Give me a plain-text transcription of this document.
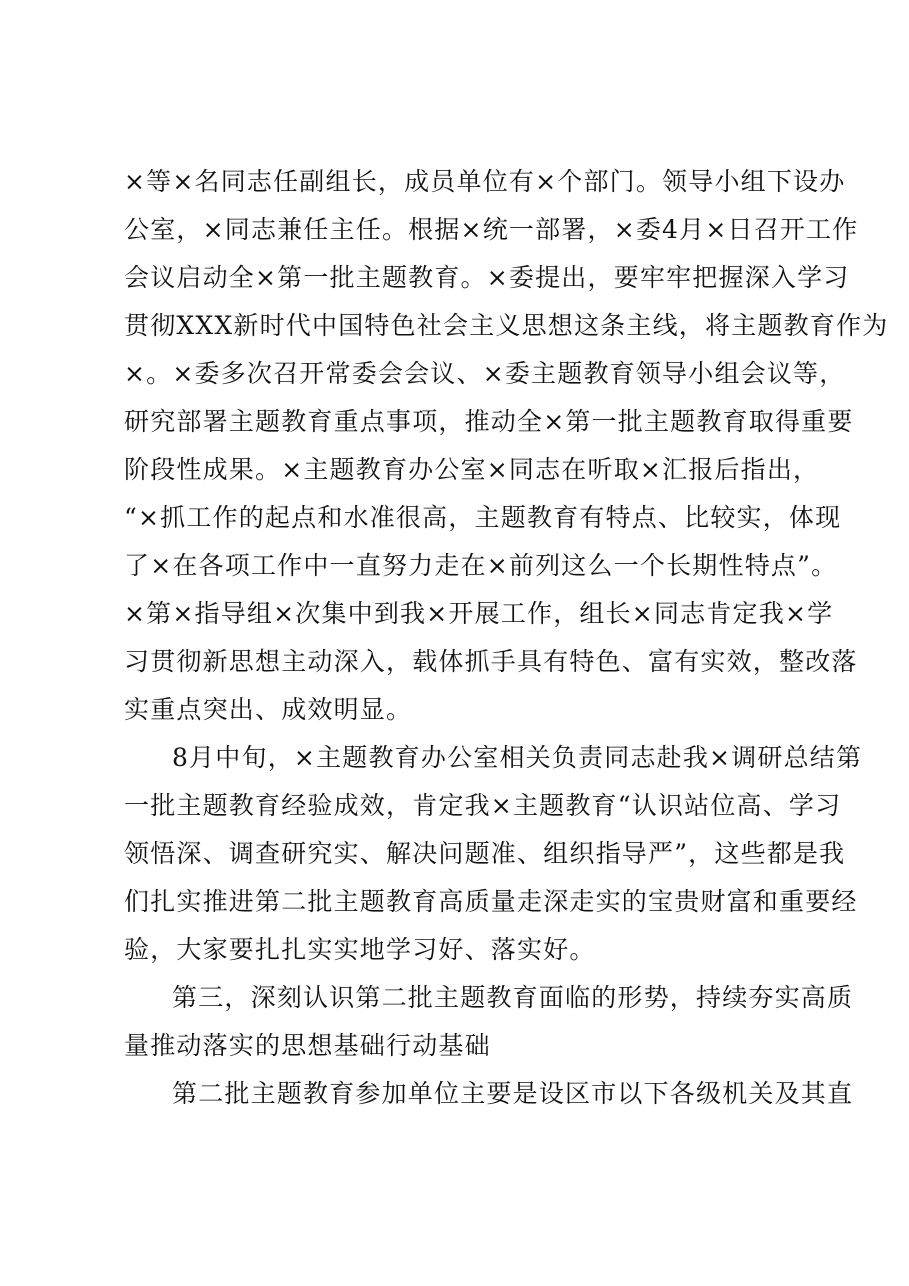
×等×名同志任副组长，成员单位有×个部门。领导小组下设办
公室，×同志兼任主任。根据×统一部署，×委4月×日召开工作
会议启动全×第一批主题教育。×委提出，要牢牢把握深入学习
贯彻XXX新时代中国特色社会主义思想这条主线，将主题教育作为
×。×委多次召开常委会会议、×委主题教育领导小组会议等，
研究部署主题教育重点事项，推动全×第一批主题教育取得重要
阶段性成果。×主题教育办公室×同志在听取×汇报后指出，
“×抓工作的起点和水准很高，主题教育有特点、比较实，体现
了×在各项工作中一直努力走在×前列这么一个长期性特点”。
×第×指导组×次集中到我×开展工作，组长×同志肯定我×学
习贯彻新思想主动深入，载体抓手具有特色、富有实效，整改落
实重点突出、成效明显。
8月中旬，×主题教育办公室相关负责同志赴我×调研总结第
一批主题教育经验成效，肯定我×主题教育“认识站位高、学习
领悟深、调查研究实、解决问题准、组织指导严”，这些都是我
们扎实推进第二批主题教育高质量走深走实的宝贵财富和重要经
验，大家要扎扎实实地学习好、落实好。
第三，深刻认识第二批主题教育面临的形势，持续夯实高质
量推动落实的思想基础行动基础
第二批主题教育参加单位主要是设区市以下各级机关及其直
